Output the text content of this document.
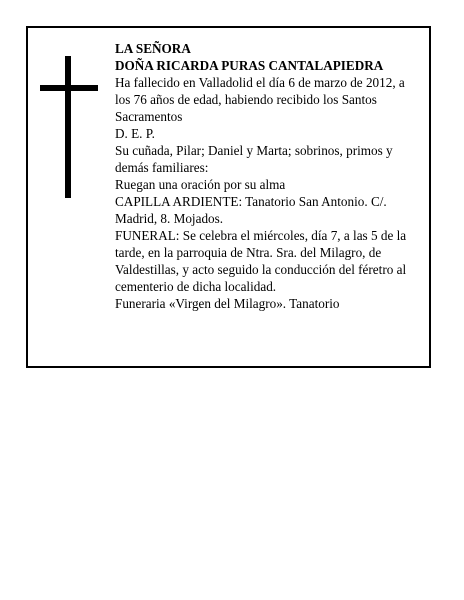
LA SEÑORA

DOÑA RICARDA PURAS CANTALAPIEDRA

Ha fallecido en Valladolid el día 6 de marzo de 2012, a los 76 años de edad, habiendo recibido los Santos Sacramentos

D. E. P.

Su cuñada, Pilar; Daniel y Marta; sobrinos, primos y demás familiares:

Ruegan una oración por su alma

CAPILLA ARDIENTE: Tanatorio San Antonio. C/. Madrid, 8. Mojados.

FUNERAL: Se celebra el miércoles, día 7, a las 5 de la tarde, en la parroquia de Ntra. Sra. del Milagro, de Valdestillas, y acto seguido la conducción del féretro al cementerio de dicha localidad.

Funeraria «Virgen del Milagro». Tanatorio
